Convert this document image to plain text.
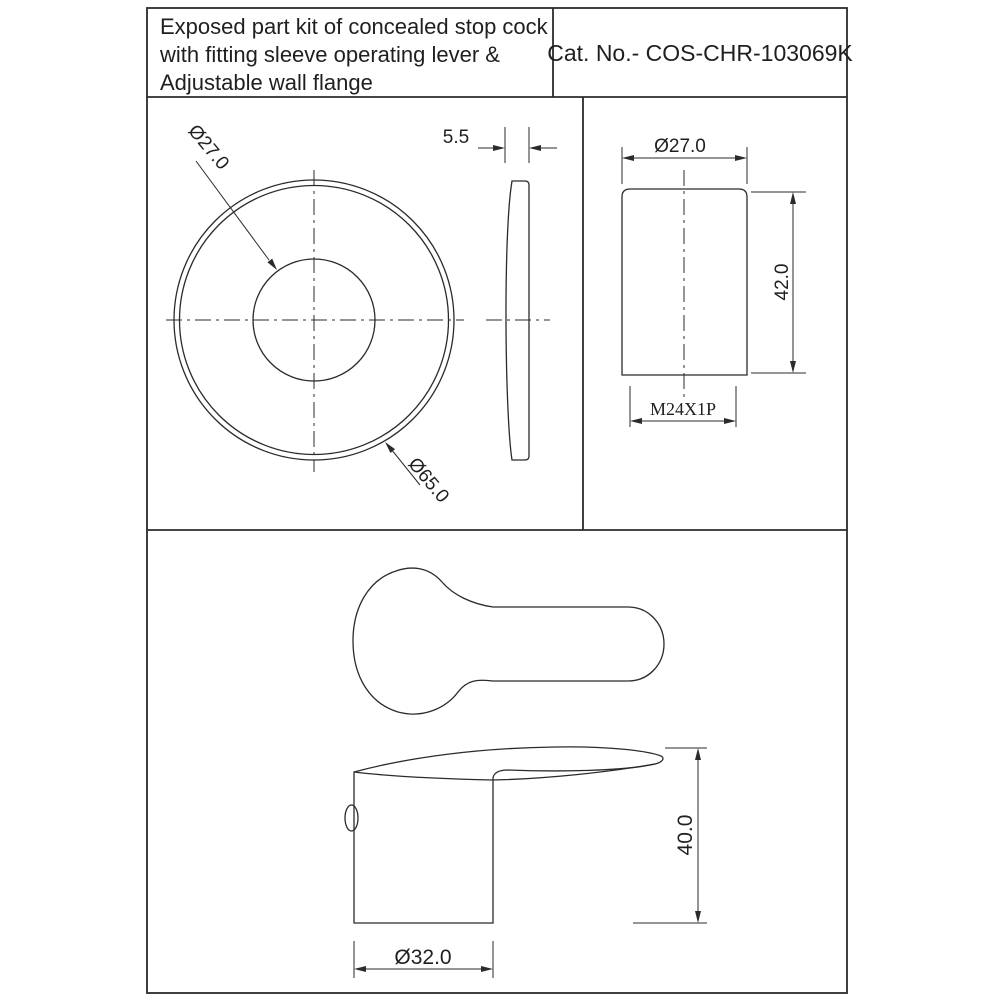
Exposed part kit of concealed stop cock
with fitting sleeve operating lever &
Adjustable wall flange
Cat. No.- COS-CHR-103069K
Ø27.0
Ø65.0
5.5	Ø27.0
42.0
M24X1P
40.0
Ø32.0
